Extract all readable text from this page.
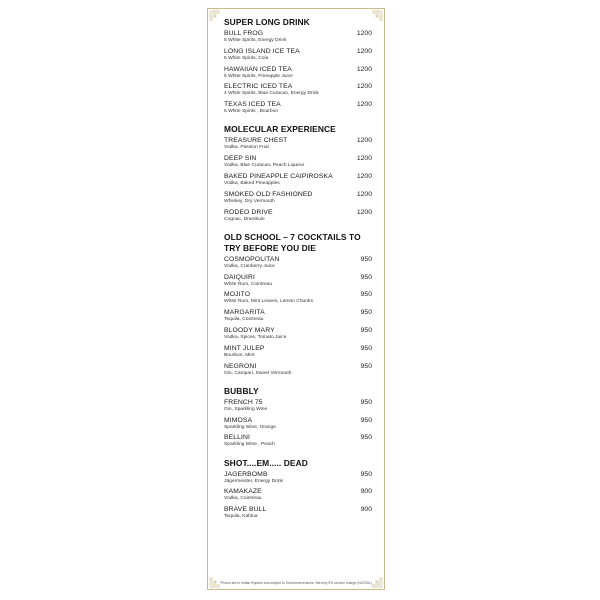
SUPER LONG DRINK
BULL FROG	1200
5 White Spirits, Energy Drink
LONG ISLAND ICE TEA	1200
5 White Spirits, Cola
HAWAIIAN ICED TEA	1200
5 White Spirits, Pineapple Juice
ELECTRIC ICED TEA	1200
4 White Spirits, Blue Curacao, Energy Drink
TEXAS ICED TEA	1200
5 White Spirits , Bourbon
MOLECULAR EXPERIENCE
TREASURE CHEST	1200
Vodka, Passion Fruit
DEEP SIN	1200
Vodka, Blue Curacao, Peach Liqueur
BAKED PINEAPPLE CAIPIROSKA	1200
Vodka, Baked Pineapples
SMOKED OLD FASHIONED	1200
Whiskey, Dry Vermouth
RODEO DRIVE	1200
Cognac, Drambuie
OLD SCHOOL – 7 COCKTAILS TO TRY BEFORE YOU DIE
COSMOPOLITAN	950
Vodka, Cranberry Juice
DAIQUIRI	950
White Rum, Cointreau
MOJITO	950
White Rum, Mint Leaves, Lemon Chunks
MARGARITA	950
Tequila, Cointreau
BLOODY MARY	950
Vodka, Spices, Tomato Juice
MINT JULEP	950
Bourbon, Mint
NEGRONI	950
Gin, Campari, Sweet Vermouth
BUBBLY
FRENCH 75	950
Gin, Sparkling Wine
MIMOSA	950
Sparkling Wine, Orange
BELLINI	950
Sparkling Wine , Peach
SHOT....EM..... DEAD
JAGERBOMB	950
Jägermeister, Energy Drink
KAMAKAZE	900
Vodka, Cointreau
BRAVE BULL	900
Tequila, Kahlua
*Prices are in Indian Rupees and subject to Government taxes. We levy 5% service charge (NCR/DL)
